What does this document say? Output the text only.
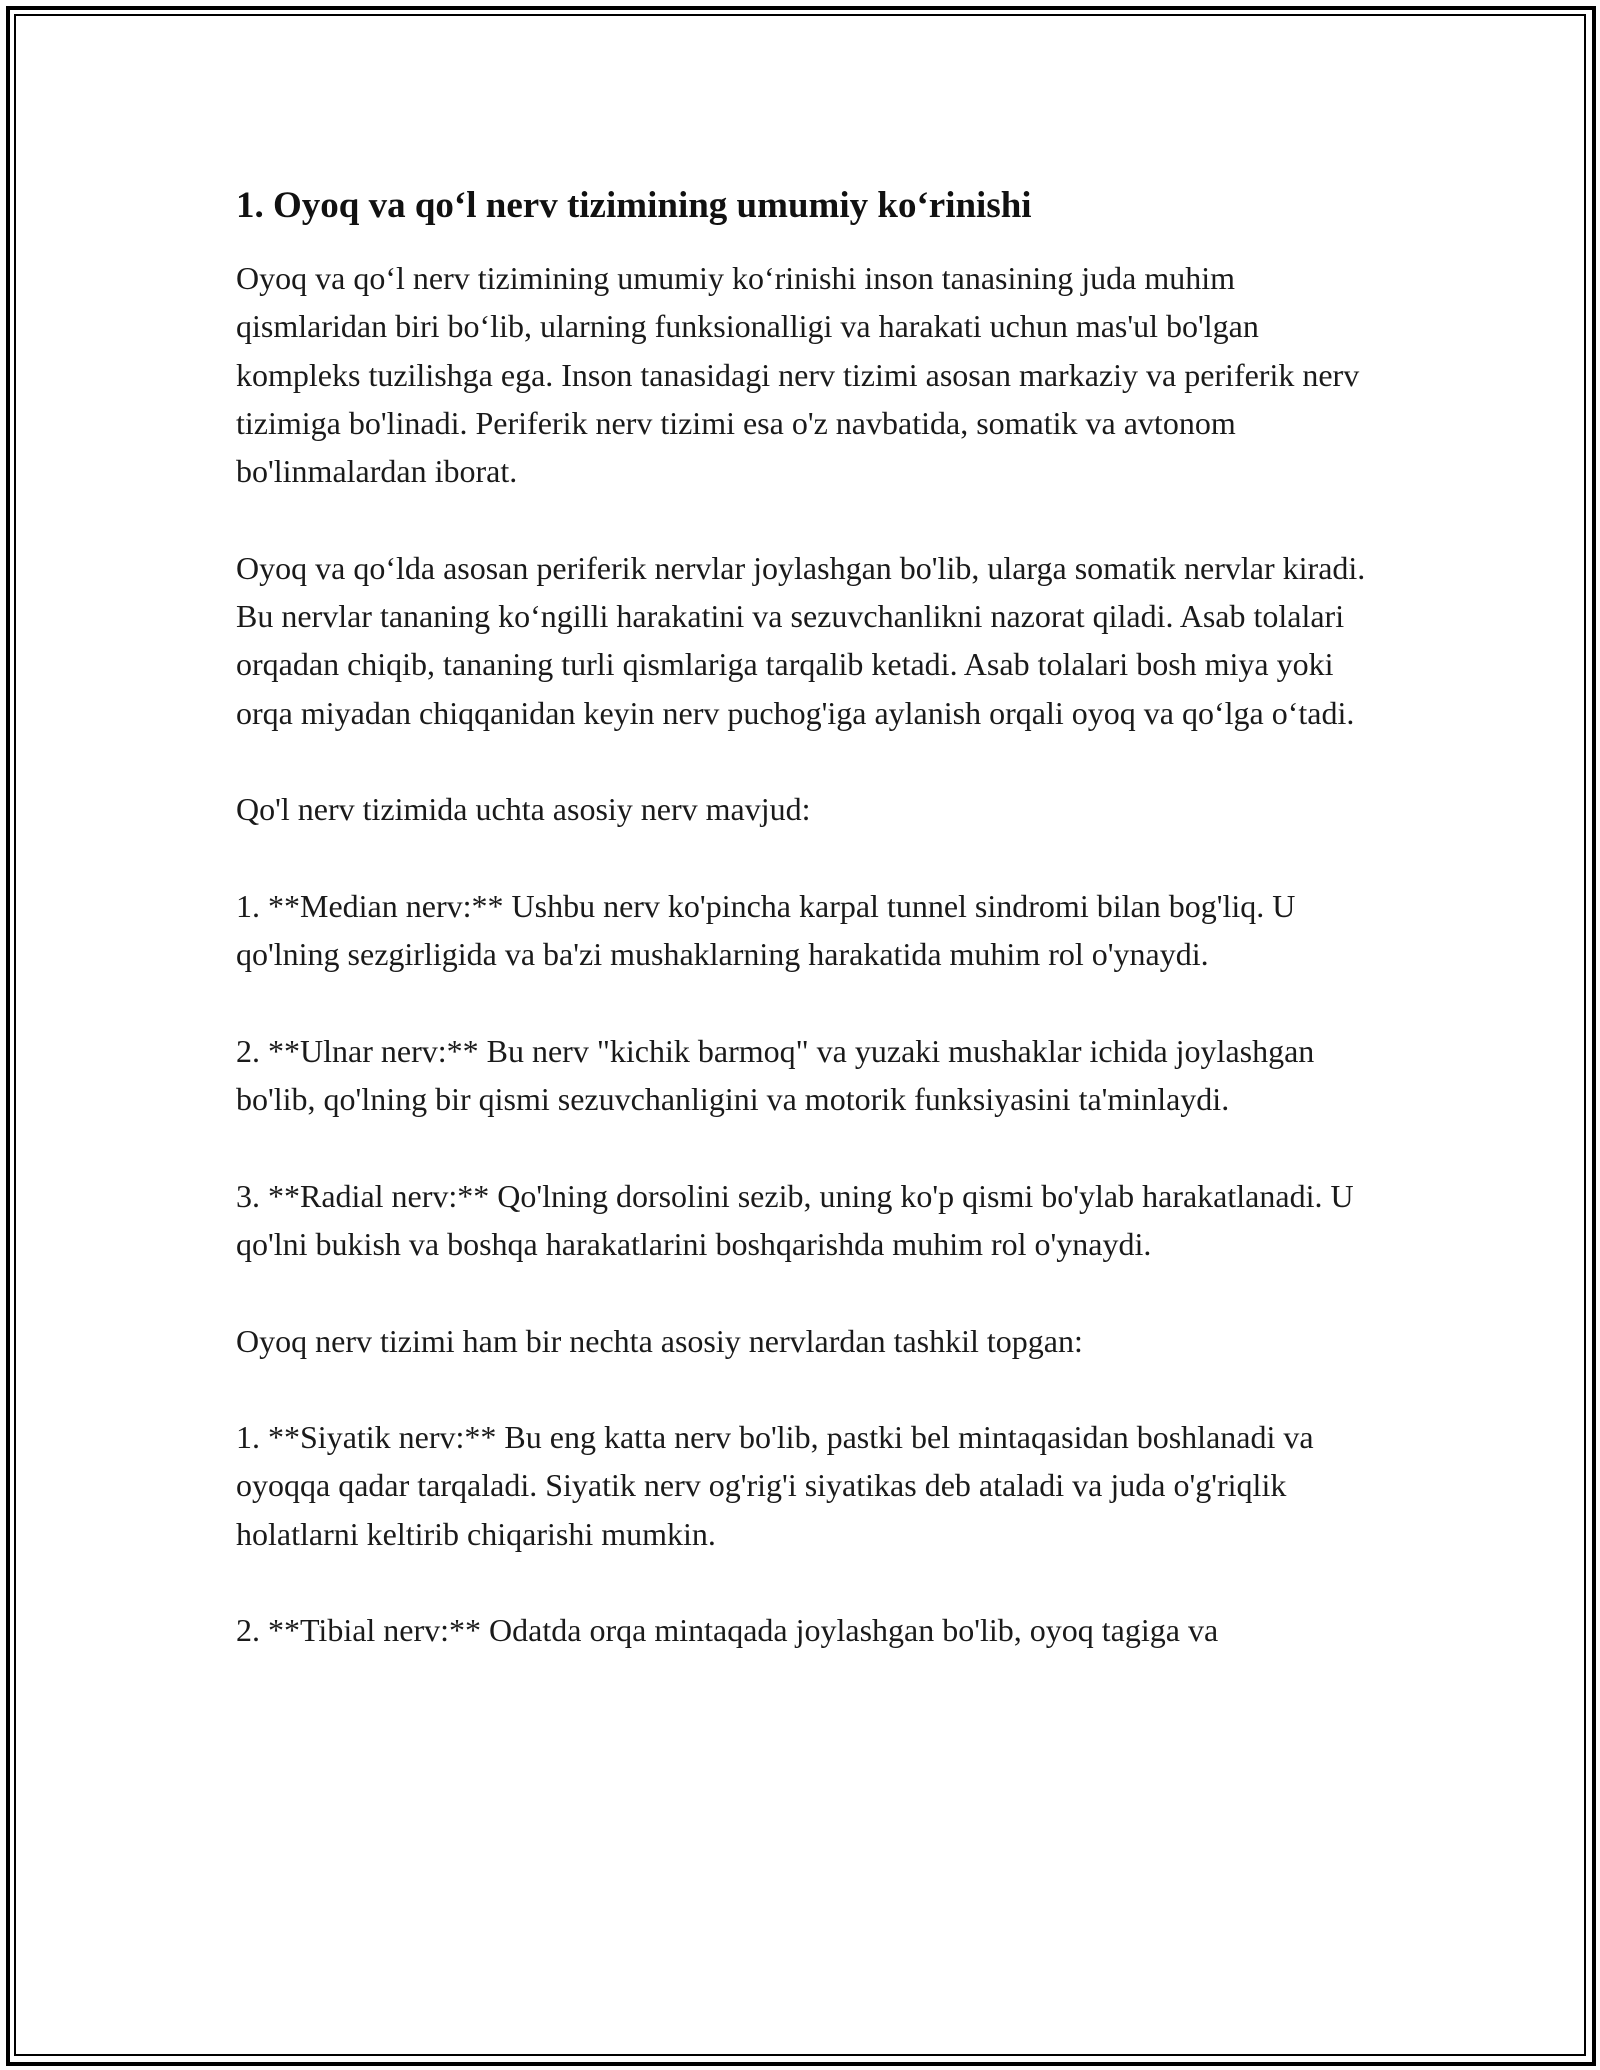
1. Oyoq va qo‘l nerv tizimining umumiy ko‘rinishi

Oyoq va qo‘l nerv tizimining umumiy ko‘rinishi inson tanasining juda muhim qismlaridan biri bo‘lib, ularning funksionalligi va harakati uchun mas'ul bo'lgan kompleks tuzilishga ega. Inson tanasidagi nerv tizimi asosan markaziy va periferik nerv tizimiga bo'linadi. Periferik nerv tizimi esa o'z navbatida, somatik va avtonom bo'linmalardan iborat.

Oyoq va qo‘lda asosan periferik nervlar joylashgan bo'lib, ularga somatik nervlar kiradi. Bu nervlar tananing ko‘ngilli harakatini va sezuvchanlikni nazorat qiladi. Asab tolalari orqadan chiqib, tananing turli qismlariga tarqalib ketadi. Asab tolalari bosh miya yoki orqa miyadan chiqqanidan keyin nerv puchog'iga aylanish orqali oyoq va qo‘lga o‘tadi.

Qo'l nerv tizimida uchta asosiy nerv mavjud:

1. **Median nerv:** Ushbu nerv ko'pincha karpal tunnel sindromi bilan bog'liq. U qo'lning sezgirligida va ba'zi mushaklarning harakatida muhim rol o'ynaydi.

2. **Ulnar nerv:** Bu nerv "kichik barmoq" va yuzaki mushaklar ichida joylashgan bo'lib, qo'lning bir qismi sezuvchanligini va motorik funksiyasini ta'minlaydi.

3. **Radial nerv:** Qo'lning dorsolini sezib, uning ko'p qismi bo'ylab harakatlanadi. U qo'lni bukish va boshqa harakatlarini boshqarishda muhim rol o'ynaydi.

Oyoq nerv tizimi ham bir nechta asosiy nervlardan tashkil topgan:

1. **Siyatik nerv:** Bu eng katta nerv bo'lib, pastki bel mintaqasidan boshlanadi va oyoqqa qadar tarqaladi. Siyatik nerv og'rig'i siyatikas deb ataladi va juda o'g'riqlik holatlarni keltirib chiqarishi mumkin.

2. **Tibial nerv:** Odatda orqa mintaqada joylashgan bo'lib, oyoq tagiga va
